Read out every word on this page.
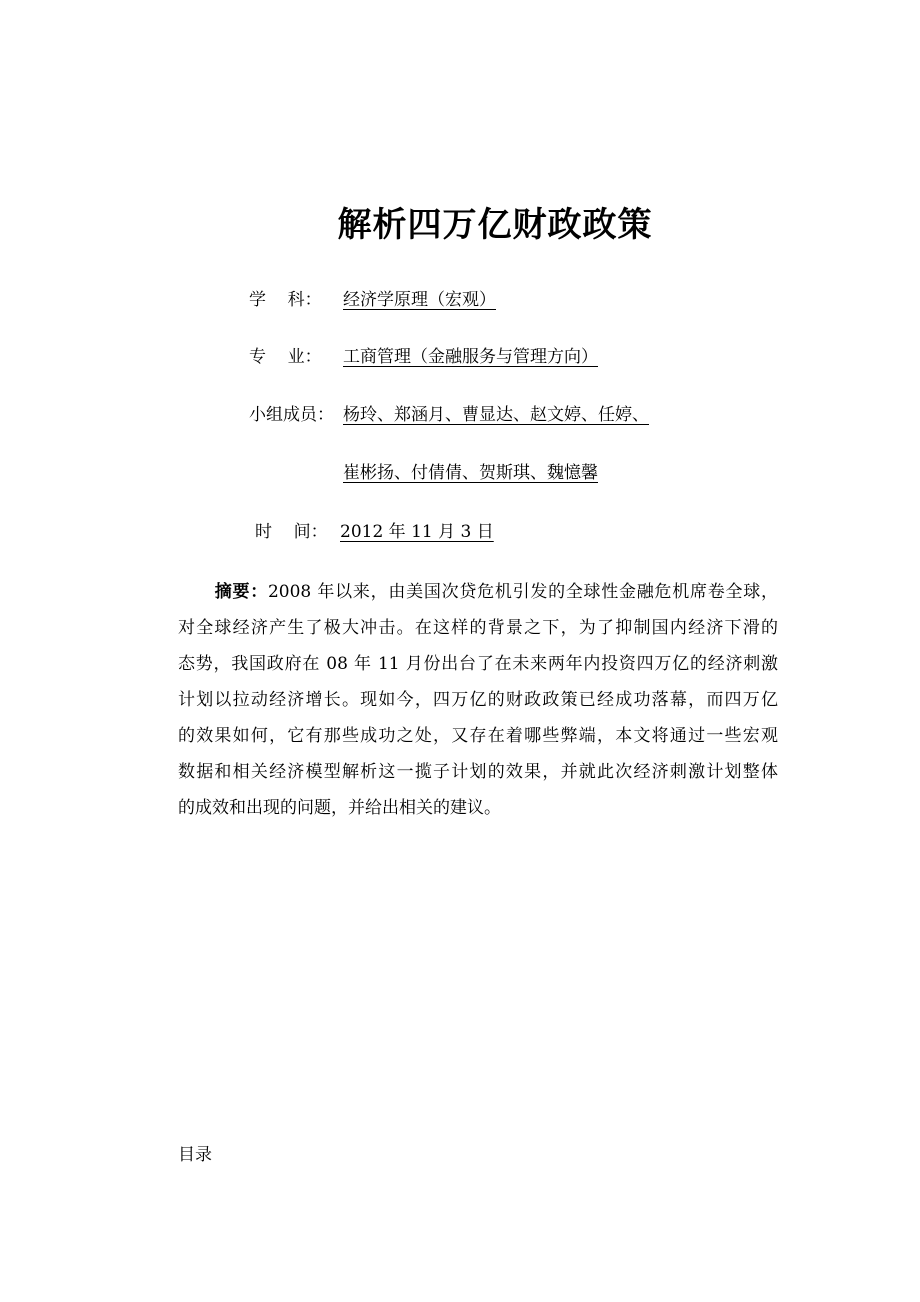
解析四万亿财政政策
学    科： 经济学原理（宏观）
专    业： 工商管理（金融服务与管理方向）
小组成员： 杨玲、郑涵月、曹显达、赵文婷、任婷、
崔彬扬、付倩倩、贺斯琪、魏憶馨
时    间： 2012 年 11 月 3 日
摘要：2008 年以来，由美国次贷危机引发的全球性金融危机席卷全球，
对全球经济产生了极大冲击。在这样的背景之下，为了抑制国内经济下滑的
态势，我国政府在 08 年 11 月份出台了在未来两年内投资四万亿的经济刺激
计划以拉动经济增长。现如今，四万亿的财政政策已经成功落幕，而四万亿
的效果如何，它有那些成功之处，又存在着哪些弊端，本文将通过一些宏观
数据和相关经济模型解析这一揽子计划的效果，并就此次经济刺激计划整体
的成效和出现的问题，并给出相关的建议。
目录
